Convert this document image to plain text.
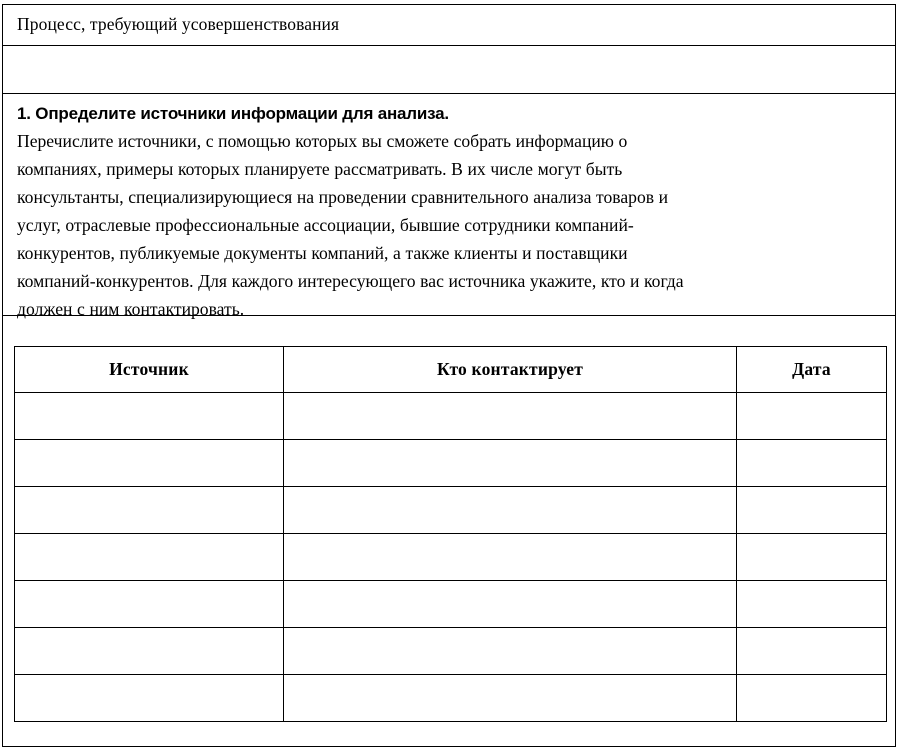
Процесс, требующий усовершенствования

1. Определите источники информации для анализа.

Перечислите источники, с помощью которых вы сможете собрать информацию о
компаниях, примеры которых планируете рассматривать. В их числе могут быть
консультанты, специализирующиеся на проведении сравнительного анализа товаров и
услуг, отраслевые профессиональные ассоциации, бывшие сотрудники компаний-
конкурентов, публикуемые документы компаний, а также клиенты и поставщики
компаний-конкурентов. Для каждого интересующего вас источника укажите, кто и когда
должен с ним контактировать.

Источник	Кто контактирует	Дата
